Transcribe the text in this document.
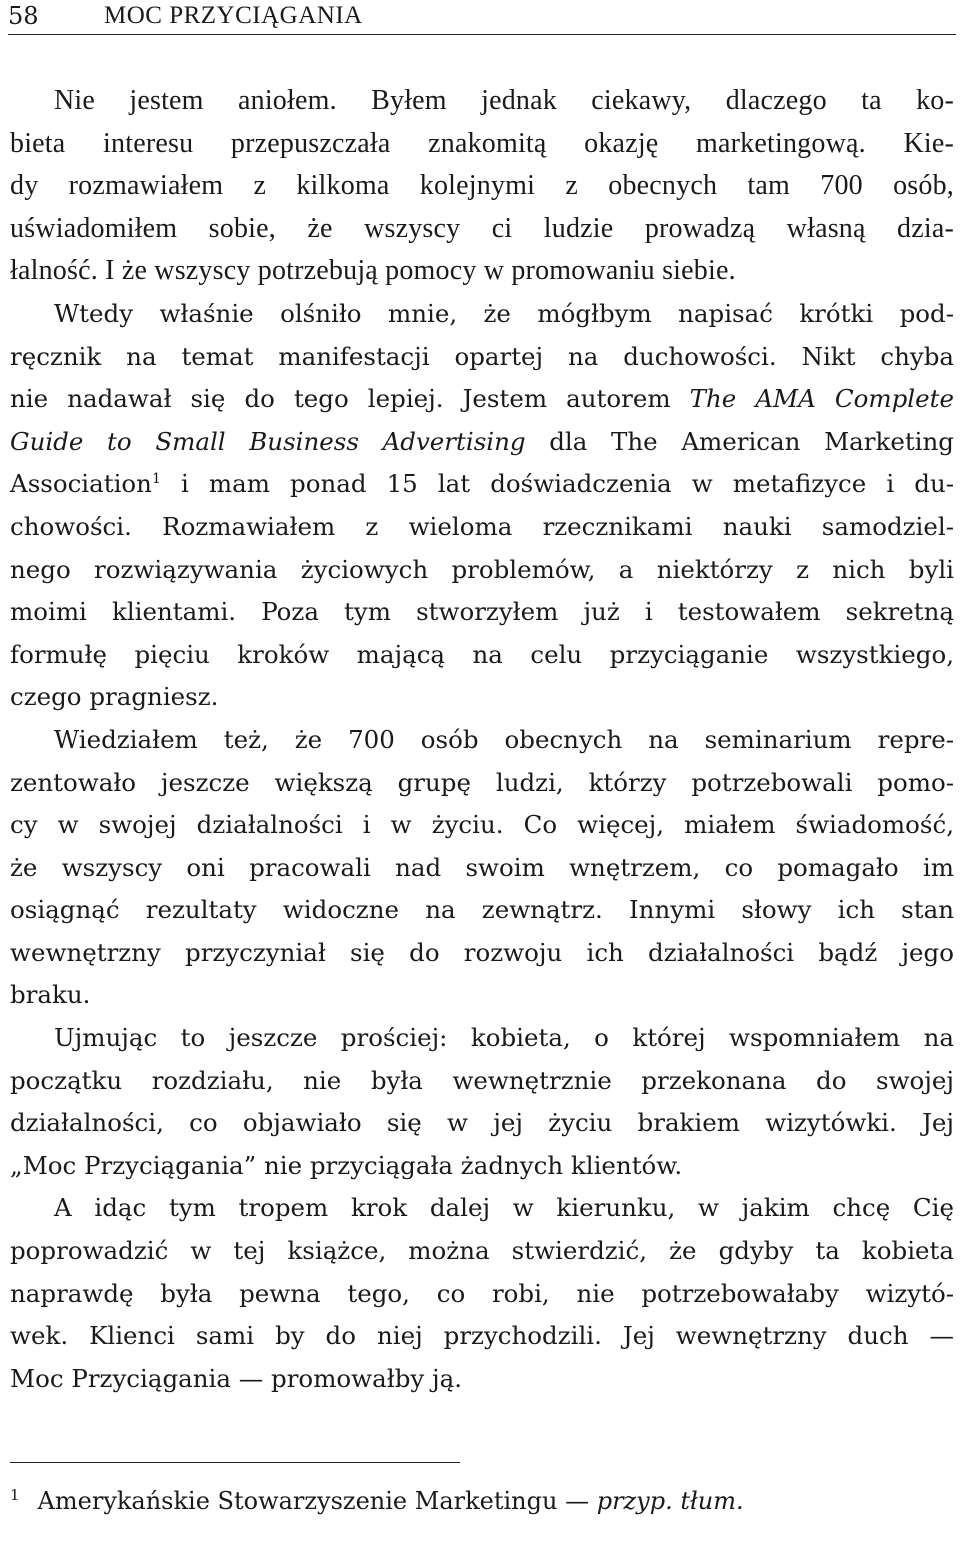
58	MOC PRZYCIĄGANIA
Nie jestem aniołem. Byłem jednak ciekawy, dlaczego ta ko-
bieta interesu przepuszczała znakomitą okazję marketingową. Kie-
dy rozmawiałem z kilkoma kolejnymi z obecnych tam 700 osób,
uświadomiłem sobie, że wszyscy ci ludzie prowadzą własną dzia-
łalność. I że wszyscy potrzebują pomocy w promowaniu siebie.
Wtedy właśnie olśniło mnie, że mógłbym napisać krótki pod-
ręcznik na temat manifestacji opartej na duchowości. Nikt chyba
nie nadawał się do tego lepiej. Jestem autorem The AMA Complete
Guide to Small Business Advertising dla The American Marketing
Association$^1$ i mam ponad 15 lat doświadczenia w metafizyce i du-
chowości. Rozmawiałem z wieloma rzecznikami nauki samodziel-
nego rozwiązywania życiowych problemów, a niektórzy z nich byli
moimi klientami. Poza tym stworzyłem już i testowałem sekretną
formułę pięciu kroków mającą na celu przyciąganie wszystkiego,
czego pragniesz.
Wiedziałem też, że 700 osób obecnych na seminarium repre-
zentowało jeszcze większą grupę ludzi, którzy potrzebowali pomo-
cy w swojej działalności i w życiu. Co więcej, miałem świadomość,
że wszyscy oni pracowali nad swoim wnętrzem, co pomagało im
osiągnąć rezultaty widoczne na zewnątrz. Innymi słowy ich stan
wewnętrzny przyczyniał się do rozwoju ich działalności bądź jego
braku.
Ujmując to jeszcze prościej: kobieta, o której wspomniałem na
początku rozdziału, nie była wewnętrznie przekonana do swojej
działalności, co objawiało się w jej życiu brakiem wizytówki. Jej
„Moc Przyciągania” nie przyciągała żadnych klientów.
A idąc tym tropem krok dalej w kierunku, w jakim chcę Cię
poprowadzić w tej książce, można stwierdzić, że gdyby ta kobieta
naprawdę była pewna tego, co robi, nie potrzebowałaby wizytó-
wek. Klienci sami by do niej przychodzili. Jej wewnętrzny duch —
Moc Przyciągania — promowałby ją.
$^1$ Amerykańskie Stowarzyszenie Marketingu — przyp. tłum.
